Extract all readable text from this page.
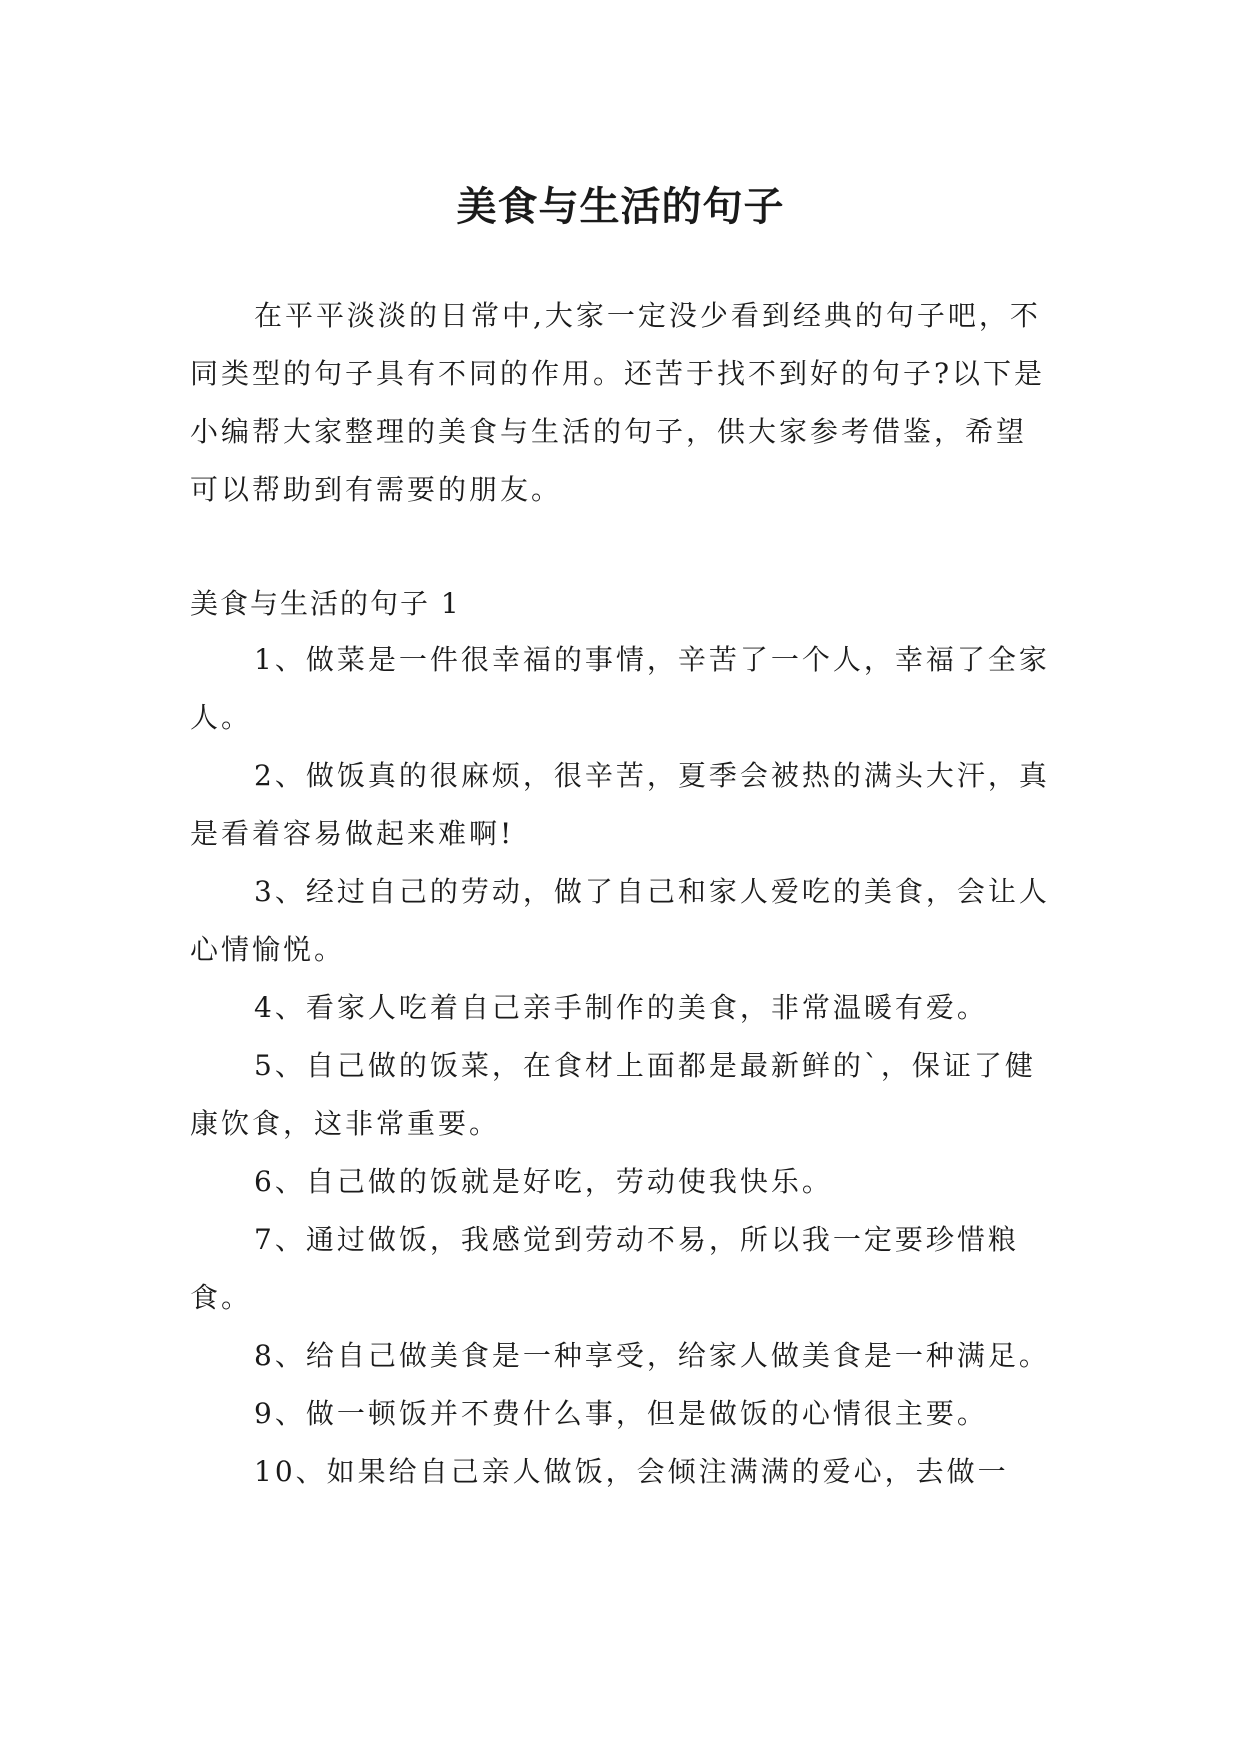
美食与生活的句子
在平平淡淡的日常中,大家一定没少看到经典的句子吧，不同类型的句子具有不同的作用。还苦于找不到好的句子?以下是小编帮大家整理的美食与生活的句子，供大家参考借鉴，希望可以帮助到有需要的朋友。
美食与生活的句子 1

1、做菜是一件很幸福的事情，辛苦了一个人，幸福了全家人。

2、做饭真的很麻烦，很辛苦，夏季会被热的满头大汗，真是看着容易做起来难啊!

3、经过自己的劳动，做了自己和家人爱吃的美食，会让人心情愉悦。

4、看家人吃着自己亲手制作的美食，非常温暖有爱。

5、自己做的饭菜，在食材上面都是最新鲜的`，保证了健康饮食，这非常重要。

6、自己做的饭就是好吃，劳动使我快乐。

7、通过做饭，我感觉到劳动不易，所以我一定要珍惜粮食。

8、给自己做美食是一种享受，给家人做美食是一种满足。

9、做一顿饭并不费什么事，但是做饭的心情很主要。

10、如果给自己亲人做饭，会倾注满满的爱心，去做一
